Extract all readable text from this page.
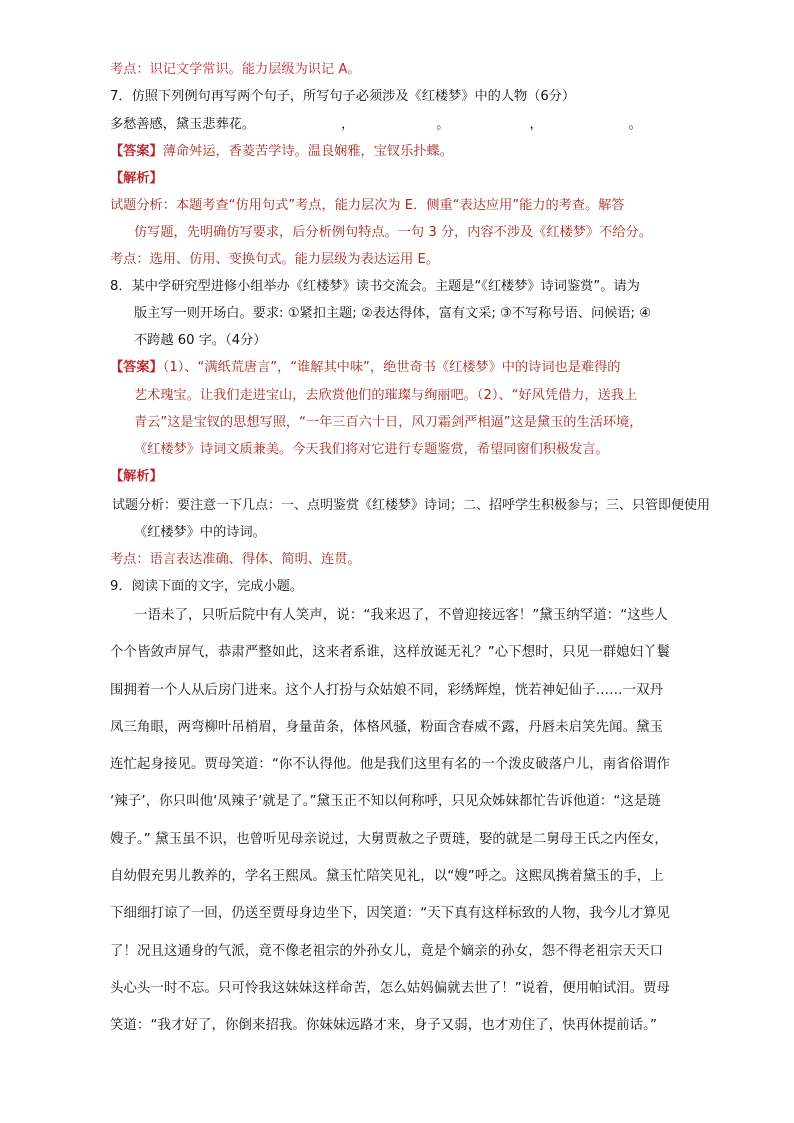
考点：识记文学常识。能力层级为识记 A。
7．仿照下列例句再写两个句子，所写句子必须涉及《红楼梦》中的人物（6分）
多愁善感，黛玉悲葬花。	，	。	，	。
【答案】薄命舛运，香菱苦学诗。温良娴雅，宝钗乐扑蝶。
【解析】
试题分析：本题考查“仿用句式”考点，能力层次为 E．侧重“表达应用”能力的考查。解答
仿写题，先明确仿写要求，后分析例句特点。一句 3 分，内容不涉及《红楼梦》不给分。
考点：选用、仿用、变换句式。能力层级为表达运用 E。
8．某中学研究型进修小组举办《红楼梦》读书交流会。主题是“《红楼梦》诗词鉴赏”。请为
版主写一则开场白。要求: ①紧扣主题; ②表达得体，富有文采; ③不写称号语、问候语; ④
不跨越 60 字。（4分）
【答案】（1）、“满纸荒唐言”，“谁解其中味”，绝世奇书《红楼梦》中的诗词也是难得的
艺术瑰宝。让我们走进宝山，去欣赏他们的璀璨与绚丽吧。（2）、“好风凭借力，送我上
青云”这是宝钗的思想写照，“一年三百六十日，风刀霜剑严相逼”这是黛玉的生活环境，
《红楼梦》诗词文质兼美。今天我们将对它进行专题鉴赏，希望同窗们积极发言。
【解析】
试题分析：要注意一下几点：一、点明鉴赏《红楼梦》诗词；二、招呼学生积极参与；三、只管即便使用
《红楼梦》中的诗词。
考点：语言表达准确、得体、简明、连贯。
9．阅读下面的文字，完成小题。
一语未了，只听后院中有人笑声，说：“我来迟了，不曾迎接远客！”黛玉纳罕道：“这些人
个个皆敛声屏气，恭肃严整如此，这来者系谁，这样放诞无礼？”心下想时，只见一群媳妇丫鬟
围拥着一个人从后房门进来。这个人打扮与众姑娘不同，彩绣辉煌，恍若神妃仙子……一双丹
凤三角眼，两弯柳叶吊梢眉，身量苗条，体格风骚，粉面含春威不露，丹唇未启笑先闻。黛玉
连忙起身接见。贾母笑道：“你不认得他。他是我们这里有名的一个泼皮破落户儿，南省俗谓作
‘辣子’，你只叫他‘凤辣子’就是了。”黛玉正不知以何称呼，只见众姊妹都忙告诉他道：“这是琏
嫂子。” 黛玉虽不识，也曾听见母亲说过，大舅贾赦之子贾琏，娶的就是二舅母王氏之内侄女，
自幼假充男儿教养的，学名王熙凤。黛玉忙陪笑见礼，以“嫂”呼之。这熙凤携着黛玉的手，上
下细细打谅了一回，仍送至贾母身边坐下，因笑道：“天下真有这样标致的人物，我今儿才算见
了！况且这通身的气派，竟不像老祖宗的外孙女儿，竟是个嫡亲的孙女，怨不得老祖宗天天口
头心头一时不忘。只可怜我这妹妹这样命苦，怎么姑妈偏就去世了！”说着，便用帕试泪。贾母
笑道：“我才好了，你倒来招我。你妹妹远路才来，身子又弱，也才劝住了，快再休提前话。”
